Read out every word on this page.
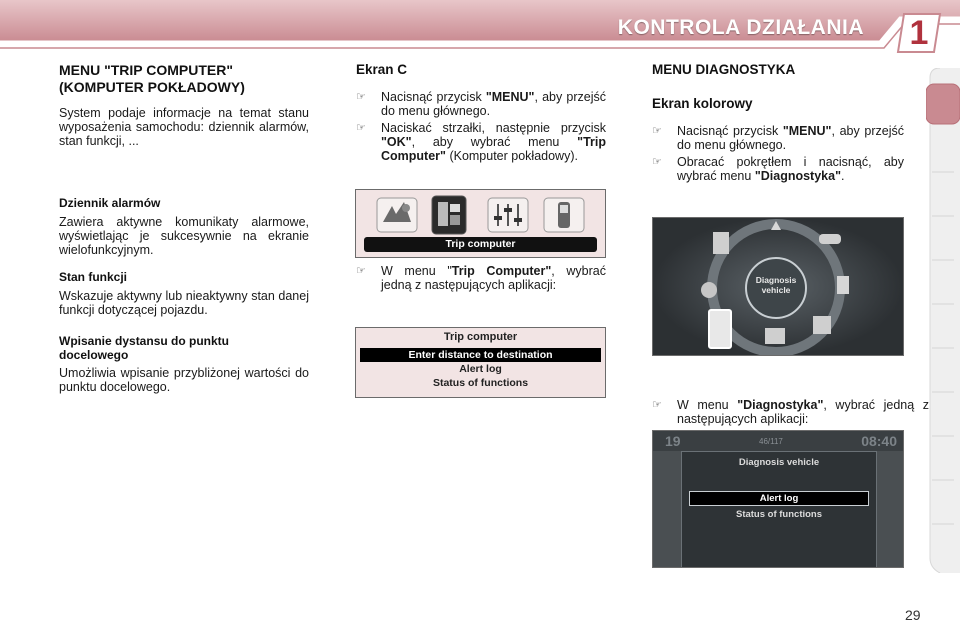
KONTROLA DZIAŁANIA	1
MENU "TRIP COMPUTER"
(KOMPUTER POKŁADOWY)

System podaje informacje na temat stanu wyposażenia samochodu: dziennik alarmów, stan funkcji, ...

Dziennik alarmów

Zawiera aktywne komunikaty alarmowe, wyświetlając je sukcesywnie na ekranie wielofunkcyjnym.

Stan funkcji

Wskazuje aktywny lub nieaktywny stan danej funkcji dotyczącej pojazdu.

Wpisanie dystansu do punktu docelowego

Umożliwia wpisanie przybliżonej wartości do punktu docelowego.

Ekran C
☞ Nacisnąć przycisk "MENU", aby przejść do menu głównego.
☞ Naciskać strzałki, następnie przycisk "OK", aby wybrać menu "Trip Computer" (Komputer pokładowy).
Trip computer
☞ W menu "Trip Computer", wybrać jedną z następujących aplikacji:
Trip computer
Enter distance to destination
Alert log
Status of functions
MENU DIAGNOSTYKA
Ekran kolorowy
☞ Nacisnąć przycisk "MENU", aby przejść do menu głównego.
☞ Obracać pokrętłem i nacisnąć, aby wybrać menu "Diagnostyka".
Diagnosis
vehicle
☞ W menu "Diagnostyka", wybrać jedną z następujących aplikacji:
19	46/117	08:40
Diagnosis vehicle
Alert log
Status of functions
29
